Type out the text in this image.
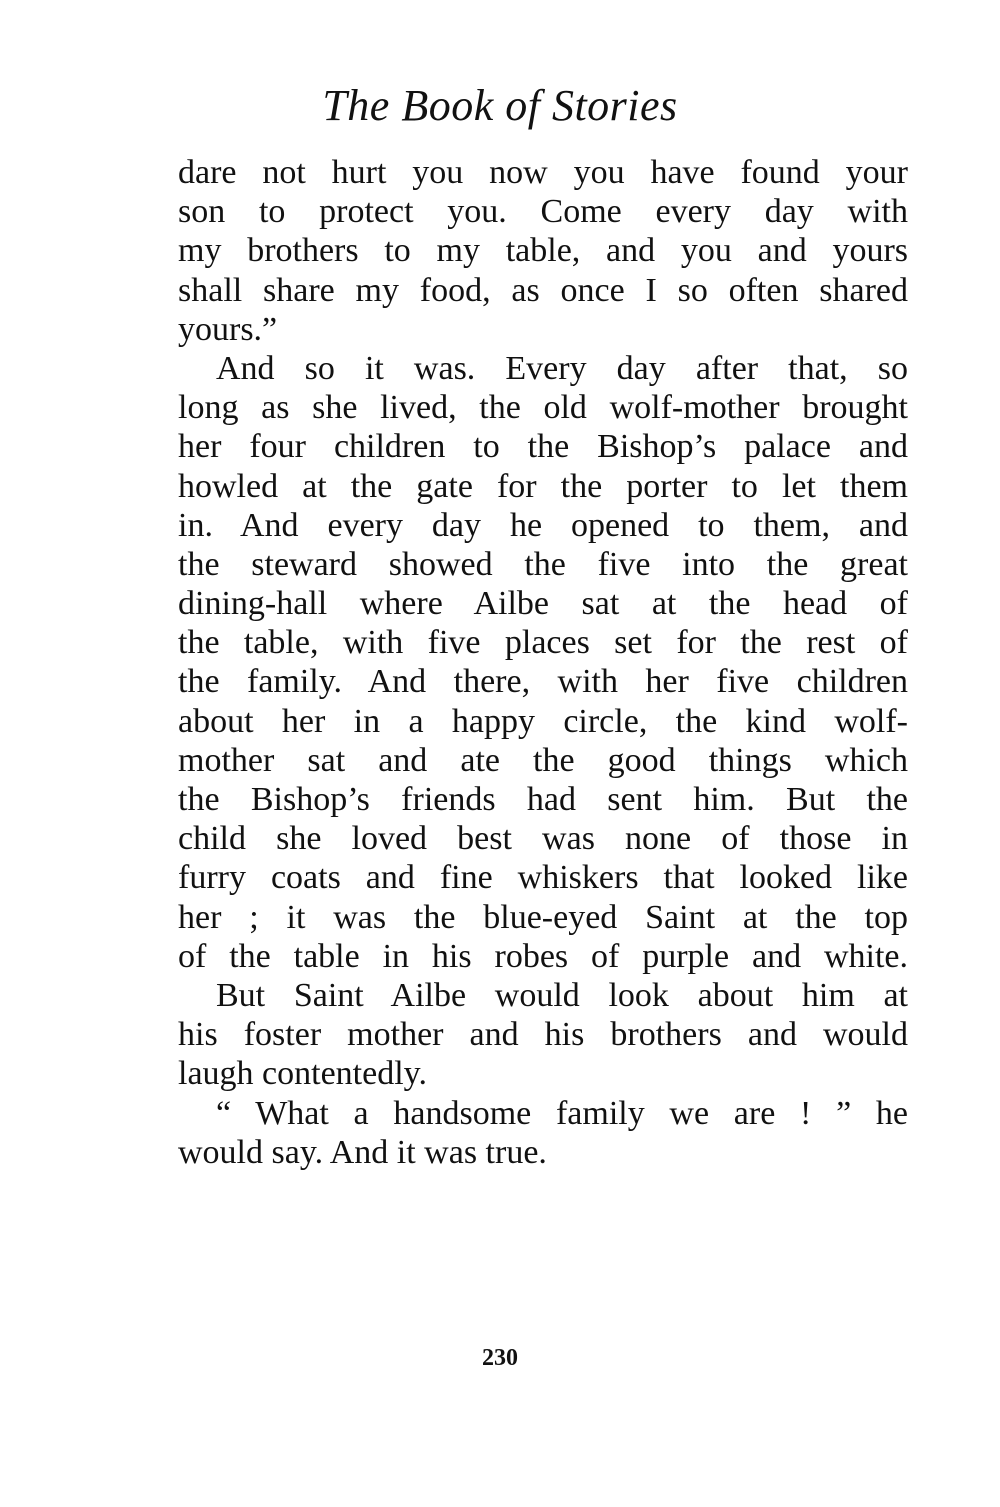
The Book of Stories
dare not hurt you now you have found your
son to protect you. Come every day with
my brothers to my table, and you and yours
shall share my food, as once I so often shared
yours.”
And so it was. Every day after that, so
long as she lived, the old wolf-mother brought
her four children to the Bishop’s palace and
howled at the gate for the porter to let them
in. And every day he opened to them, and
the steward showed the five into the great
dining-hall where Ailbe sat at the head of
the table, with five places set for the rest of
the family. And there, with her five children
about her in a happy circle, the kind wolf-
mother sat and ate the good things which
the Bishop’s friends had sent him. But the
child she loved best was none of those in
furry coats and fine whiskers that looked like
her ; it was the blue-eyed Saint at the top
of the table in his robes of purple and white.
But Saint Ailbe would look about him at
his foster mother and his brothers and would
laugh contentedly.
“ What a handsome family we are ! ” he
would say. And it was true.
230
